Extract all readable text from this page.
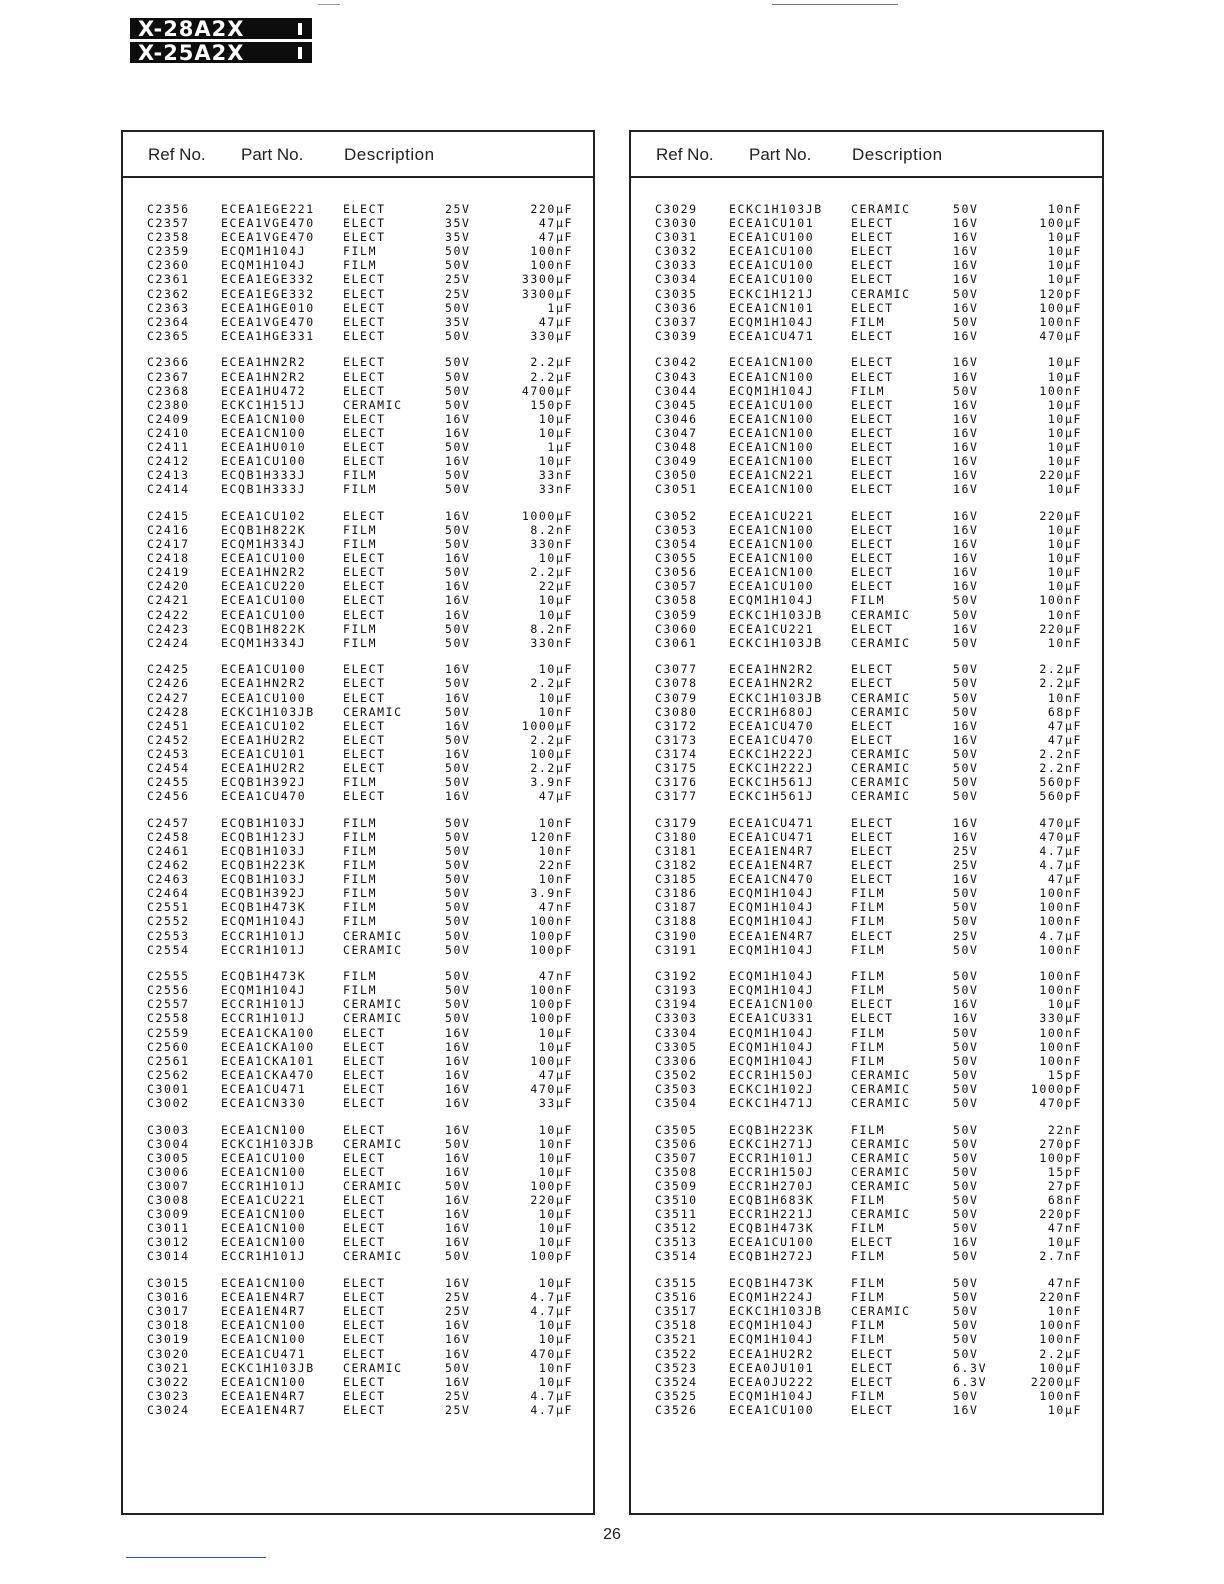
X-28A2X
X-25A2X
Ref No. Part No. Description
C2356	ECEA1EGE221 ELECT	25V	220µF
C2357	ECEA1VGE470 ELECT	35V	47µF
C2358	ECEA1VGE470 ELECT	35V	47µF
C2359	ECQM1H104J	FILM	50V	100nF
C2360	ECQM1H104J	FILM	50V	100nF
C2361	ECEA1EGE332 ELECT	25V	3300µF
C2362	ECEA1EGE332 ELECT	25V	3300µF
C2363	ECEA1HGE010 ELECT	50V	1µF
C2364	ECEA1VGE470 ELECT	35V	47µF
C2365	ECEA1HGE331 ELECT	50V	330µF
C2366	ECEA1HN2R2	ELECT	50V	2.2µF
C2367	ECEA1HN2R2	ELECT	50V	2.2µF
C2368	ECEA1HU472	ELECT	50V	4700µF
C2380	ECKC1H151J	CERAMIC	50V	150pF
C2409	ECEA1CN100	ELECT	16V	10µF
C2410	ECEA1CN100	ELECT	16V	10µF
C2411	ECEA1HU010	ELECT	50V	1µF
C2412	ECEA1CU100	ELECT	16V	10µF
C2413	ECQB1H333J	FILM	50V	33nF
C2414	ECQB1H333J	FILM	50V	33nF
C2415	ECEA1CU102	ELECT	16V	1000µF
C2416	ECQB1H822K	FILM	50V	8.2nF
C2417	ECQM1H334J	FILM	50V	330nF
C2418	ECEA1CU100	ELECT	16V	10µF
C2419	ECEA1HN2R2	ELECT	50V	2.2µF
C2420	ECEA1CU220	ELECT	16V	22µF
C2421	ECEA1CU100	ELECT	16V	10µF
C2422	ECEA1CU100	ELECT	16V	10µF
C2423	ECQB1H822K	FILM	50V	8.2nF
C2424	ECQM1H334J	FILM	50V	330nF
C2425	ECEA1CU100	ELECT	16V	10µF
C2426	ECEA1HN2R2	ELECT	50V	2.2µF
C2427	ECEA1CU100	ELECT	16V	10µF
C2428	ECKC1H103JB CERAMIC	50V	10nF
C2451	ECEA1CU102	ELECT	16V	1000µF
C2452	ECEA1HU2R2	ELECT	50V	2.2µF
C2453	ECEA1CU101	ELECT	16V	100µF
C2454	ECEA1HU2R2	ELECT	50V	2.2µF
C2455	ECQB1H392J	FILM	50V	3.9nF
C2456	ECEA1CU470	ELECT	16V	47µF
C2457	ECQB1H103J	FILM	50V	10nF
C2458	ECQB1H123J	FILM	50V	120nF
C2461	ECQB1H103J	FILM	50V	10nF
C2462	ECQB1H223K	FILM	50V	22nF
C2463	ECQB1H103J	FILM	50V	10nF
C2464	ECQB1H392J	FILM	50V	3.9nF
C2551	ECQB1H473K	FILM	50V	47nF
C2552	ECQM1H104J	FILM	50V	100nF
C2553	ECCR1H101J	CERAMIC	50V	100pF
C2554	ECCR1H101J	CERAMIC	50V	100pF
C2555	ECQB1H473K	FILM	50V	47nF
C2556	ECQM1H104J	FILM	50V	100nF
C2557	ECCR1H101J	CERAMIC	50V	100pF
C2558	ECCR1H101J	CERAMIC	50V	100pF
C2559	ECEA1CKA100 ELECT	16V	10µF
C2560	ECEA1CKA100 ELECT	16V	10µF
C2561	ECEA1CKA101 ELECT	16V	100µF
C2562	ECEA1CKA470 ELECT	16V	47µF
C3001	ECEA1CU471	ELECT	16V	470µF
C3002	ECEA1CN330	ELECT	16V	33µF
C3003	ECEA1CN100	ELECT	16V	10µF
C3004	ECKC1H103JB CERAMIC	50V	10nF
C3005	ECEA1CU100	ELECT	16V	10µF
C3006	ECEA1CN100	ELECT	16V	10µF
C3007	ECCR1H101J	CERAMIC	50V	100pF
C3008	ECEA1CU221	ELECT	16V	220µF
C3009	ECEA1CN100	ELECT	16V	10µF
C3011	ECEA1CN100	ELECT	16V	10µF
C3012	ECEA1CN100	ELECT	16V	10µF
C3014	ECCR1H101J	CERAMIC	50V	100pF
C3015	ECEA1CN100	ELECT	16V	10µF
C3016	ECEA1EN4R7	ELECT	25V	4.7µF
C3017	ECEA1EN4R7	ELECT	25V	4.7µF
C3018	ECEA1CN100	ELECT	16V	10µF
C3019	ECEA1CN100	ELECT	16V	10µF
C3020	ECEA1CU471	ELECT	16V	470µF
C3021	ECKC1H103JB CERAMIC	50V	10nF
C3022	ECEA1CN100	ELECT	16V	10µF
C3023	ECEA1EN4R7	ELECT	25V	4.7µF
C3024	ECEA1EN4R7	ELECT	25V	4.7µF
Ref No. Part No. Description
C3029	ECKC1H103JB CERAMIC	50V	10nF
C3030	ECEA1CU101	ELECT	16V	100µF
C3031	ECEA1CU100	ELECT	16V	10µF
C3032	ECEA1CU100	ELECT	16V	10µF
C3033	ECEA1CU100	ELECT	16V	10µF
C3034	ECEA1CU100	ELECT	16V	10µF
C3035	ECKC1H121J	CERAMIC	50V	120pF
C3036	ECEA1CN101	ELECT	16V	100µF
C3037	ECQM1H104J	FILM	50V	100nF
C3039	ECEA1CU471	ELECT	16V	470µF
C3042	ECEA1CN100	ELECT	16V	10µF
C3043	ECEA1CN100	ELECT	16V	10µF
C3044	ECQM1H104J	FILM	50V	100nF
C3045	ECEA1CU100	ELECT	16V	10µF
C3046	ECEA1CN100	ELECT	16V	10µF
C3047	ECEA1CN100	ELECT	16V	10µF
C3048	ECEA1CN100	ELECT	16V	10µF
C3049	ECEA1CN100	ELECT	16V	10µF
C3050	ECEA1CN221	ELECT	16V	220µF
C3051	ECEA1CN100	ELECT	16V	10µF
C3052	ECEA1CU221	ELECT	16V	220µF
C3053	ECEA1CN100	ELECT	16V	10µF
C3054	ECEA1CN100	ELECT	16V	10µF
C3055	ECEA1CN100	ELECT	16V	10µF
C3056	ECEA1CN100	ELECT	16V	10µF
C3057	ECEA1CU100	ELECT	16V	10µF
C3058	ECQM1H104J	FILM	50V	100nF
C3059	ECKC1H103JB CERAMIC	50V	10nF
C3060	ECEA1CU221	ELECT	16V	220µF
C3061	ECKC1H103JB CERAMIC	50V	10nF
C3077	ECEA1HN2R2	ELECT	50V	2.2µF
C3078	ECEA1HN2R2	ELECT	50V	2.2µF
C3079	ECKC1H103JB CERAMIC	50V	10nF
C3080	ECCR1H680J	CERAMIC	50V	68pF
C3172	ECEA1CU470	ELECT	16V	47µF
C3173	ECEA1CU470	ELECT	16V	47µF
C3174	ECKC1H222J	CERAMIC	50V	2.2nF
C3175	ECKC1H222J	CERAMIC	50V	2.2nF
C3176	ECKC1H561J	CERAMIC	50V	560pF
C3177	ECKC1H561J	CERAMIC	50V	560pF
C3179	ECEA1CU471	ELECT	16V	470µF
C3180	ECEA1CU471	ELECT	16V	470µF
C3181	ECEA1EN4R7	ELECT	25V	4.7µF
C3182	ECEA1EN4R7	ELECT	25V	4.7µF
C3185	ECEA1CN470	ELECT	16V	47µF
C3186	ECQM1H104J	FILM	50V	100nF
C3187	ECQM1H104J	FILM	50V	100nF
C3188	ECQM1H104J	FILM	50V	100nF
C3190	ECEA1EN4R7	ELECT	25V	4.7µF
C3191	ECQM1H104J	FILM	50V	100nF
C3192	ECQM1H104J	FILM	50V	100nF
C3193	ECQM1H104J	FILM	50V	100nF
C3194	ECEA1CN100	ELECT	16V	10µF
C3303	ECEA1CU331	ELECT	16V	330µF
C3304	ECQM1H104J	FILM	50V	100nF
C3305	ECQM1H104J	FILM	50V	100nF
C3306	ECQM1H104J	FILM	50V	100nF
C3502	ECCR1H150J	CERAMIC	50V	15pF
C3503	ECKC1H102J	CERAMIC	50V	1000pF
C3504	ECKC1H471J	CERAMIC	50V	470pF
C3505	ECQB1H223K	FILM	50V	22nF
C3506	ECKC1H271J	CERAMIC	50V	270pF
C3507	ECCR1H101J	CERAMIC	50V	100pF
C3508	ECCR1H150J	CERAMIC	50V	15pF
C3509	ECCR1H270J	CERAMIC	50V	27pF
C3510	ECQB1H683K	FILM	50V	68nF
C3511	ECCR1H221J	CERAMIC	50V	220pF
C3512	ECQB1H473K	FILM	50V	47nF
C3513	ECEA1CU100	ELECT	16V	10µF
C3514	ECQB1H272J	FILM	50V	2.7nF
C3515	ECQB1H473K	FILM	50V	47nF
C3516	ECQM1H224J	FILM	50V	220nF
C3517	ECKC1H103JB CERAMIC	50V	10nF
C3518	ECQM1H104J	FILM	50V	100nF
C3521	ECQM1H104J	FILM	50V	100nF
C3522	ECEA1HU2R2	ELECT	50V	2.2µF
C3523	ECEA0JU101	ELECT	6.3V	100µF
C3524	ECEA0JU222	ELECT	6.3V	2200µF
C3525	ECQM1H104J	FILM	50V	100nF
C3526	ECEA1CU100	ELECT	16V	10µF
26
